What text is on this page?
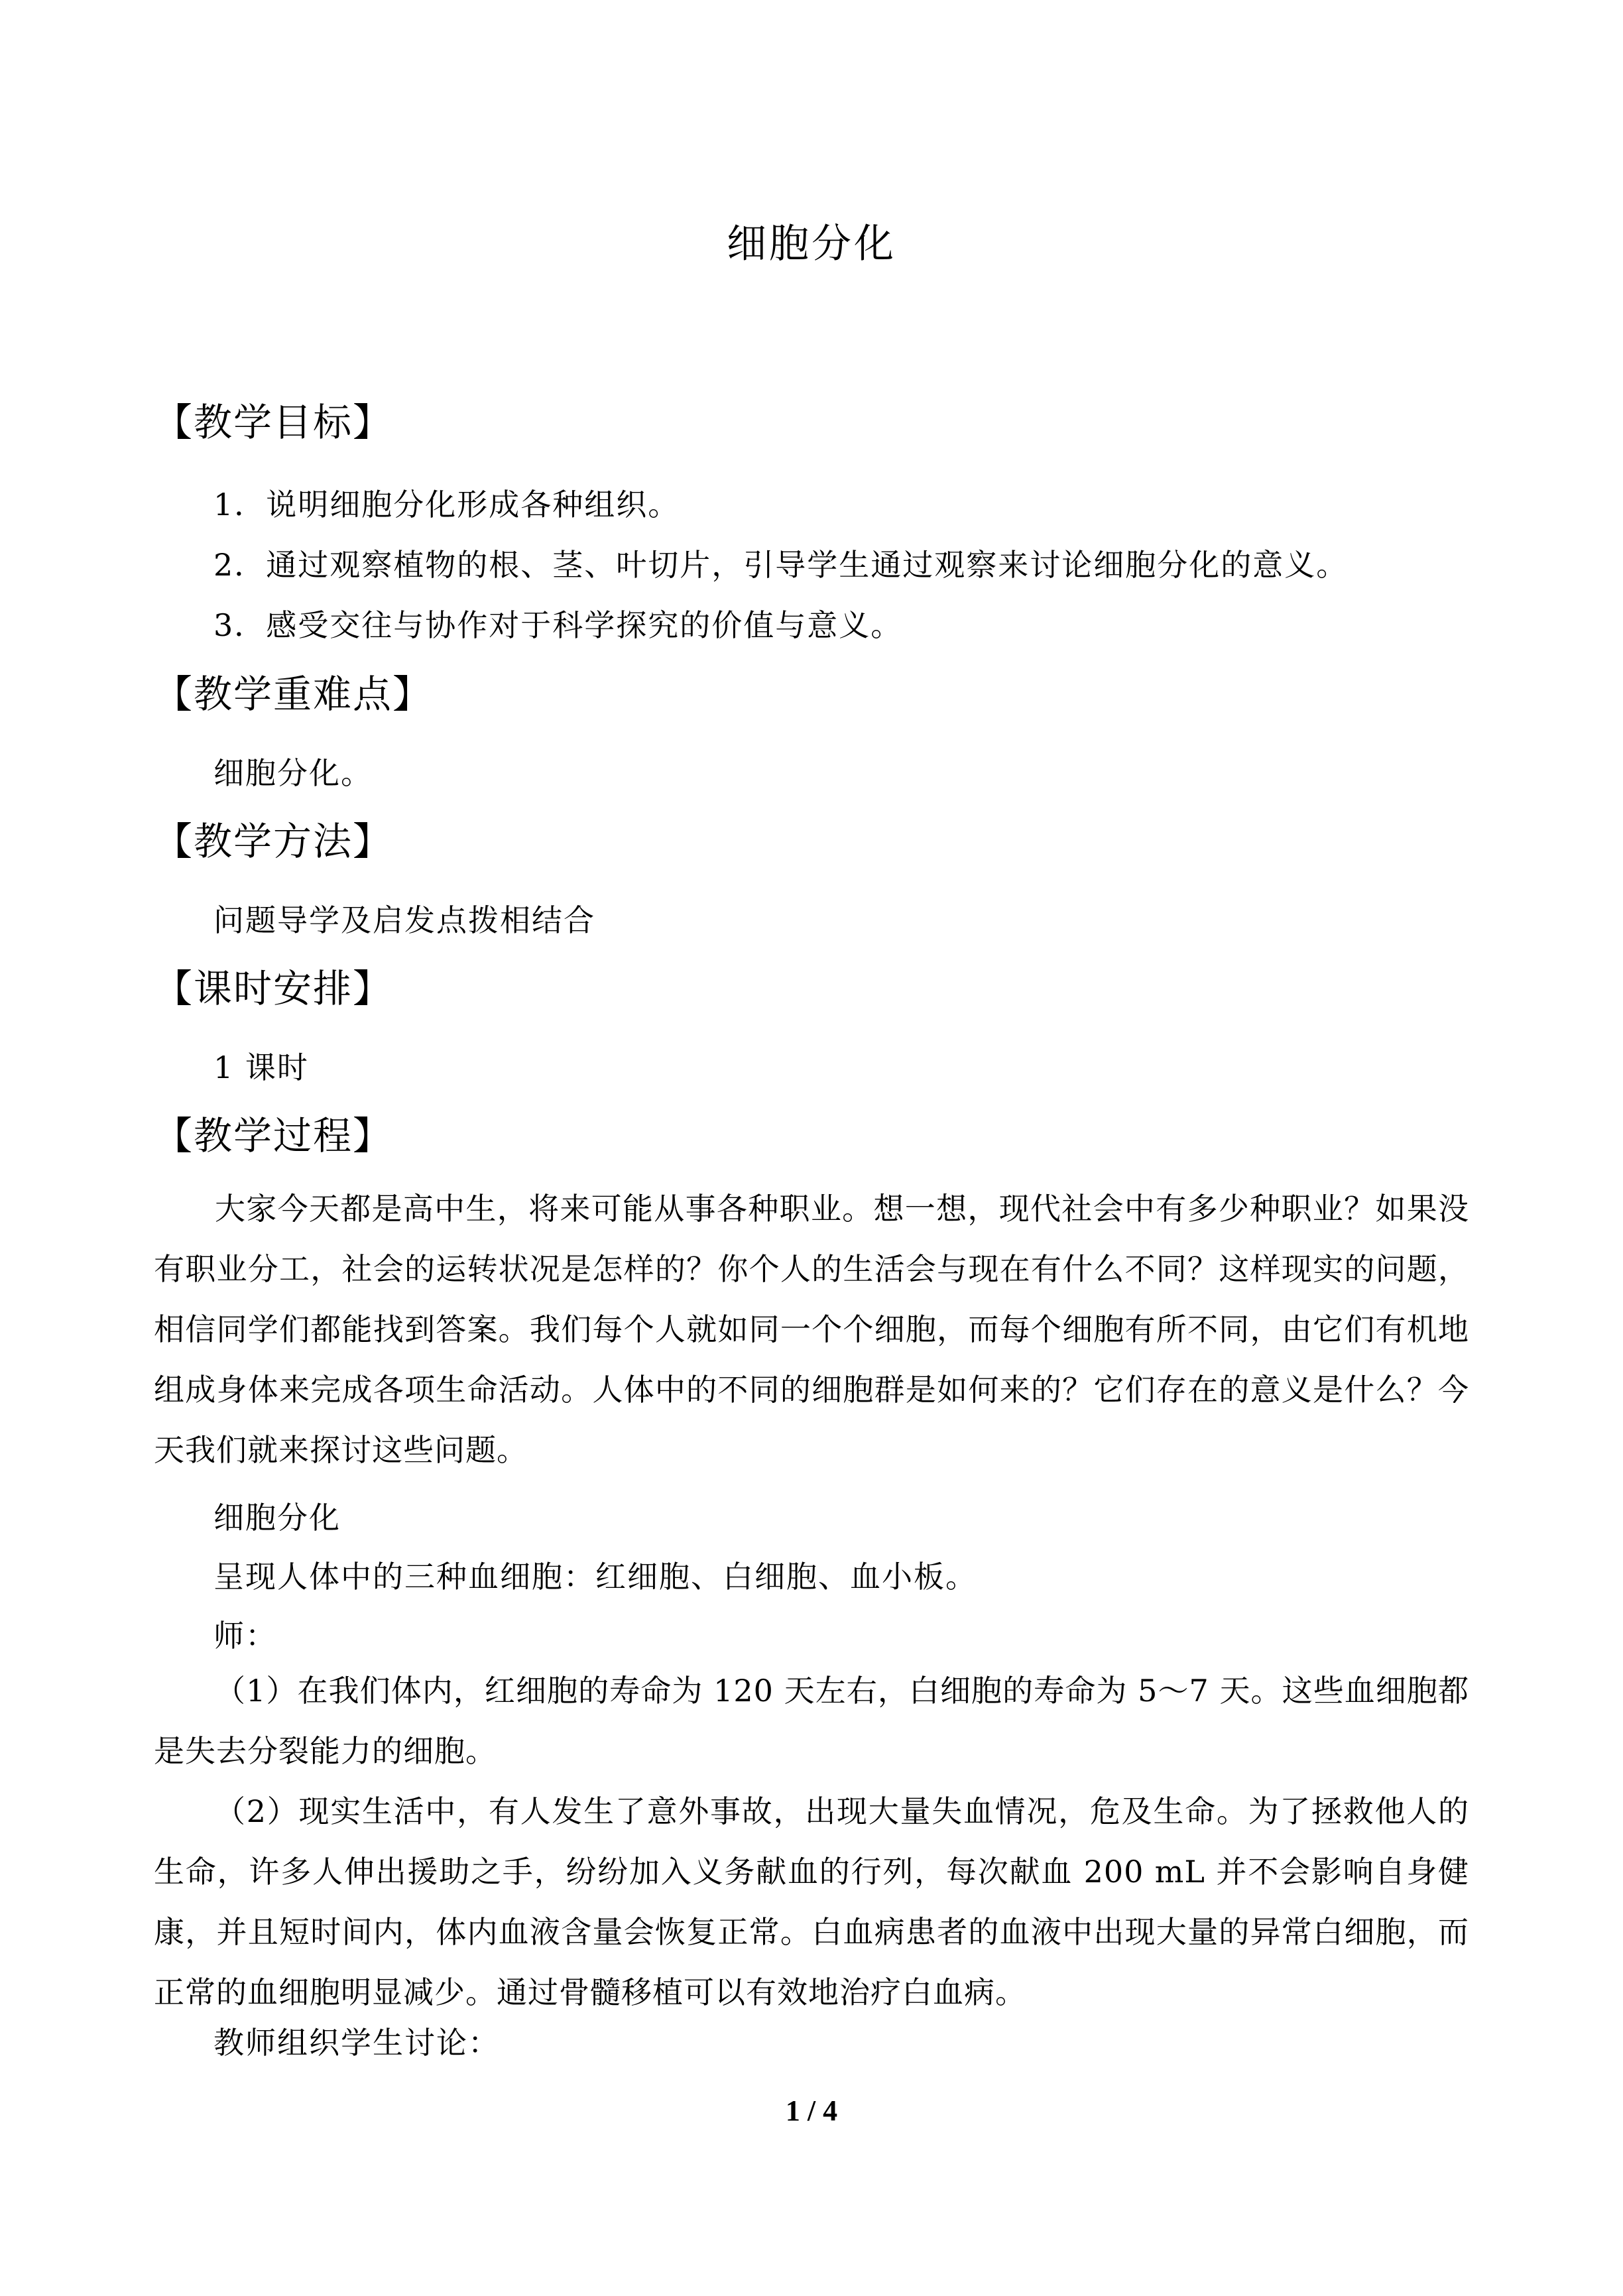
细胞分化
【教学目标】
1．说明细胞分化形成各种组织。
2．通过观察植物的根、茎、叶切片，引导学生通过观察来讨论细胞分化的意义。
3．感受交往与协作对于科学探究的价值与意义。
【教学重难点】
细胞分化。
【教学方法】
问题导学及启发点拨相结合
【课时安排】
1 课时
【教学过程】
大家今天都是高中生，将来可能从事各种职业。想一想，现代社会中有多少种职业？如果没有职业分工，社会的运转状况是怎样的？你个人的生活会与现在有什么不同？这样现实的问题，相信同学们都能找到答案。我们每个人就如同一个个细胞，而每个细胞有所不同，由它们有机地组成身体来完成各项生命活动。人体中的不同的细胞群是如何来的？它们存在的意义是什么？今天我们就来探讨这些问题。
细胞分化
呈现人体中的三种血细胞：红细胞、白细胞、血小板。
师：
（1）在我们体内，红细胞的寿命为 120 天左右，白细胞的寿命为 5～7 天。这些血细胞都是失去分裂能力的细胞。
（2）现实生活中，有人发生了意外事故，出现大量失血情况，危及生命。为了拯救他人的生命，许多人伸出援助之手，纷纷加入义务献血的行列，每次献血 200 mL 并不会影响自身健康，并且短时间内，体内血液含量会恢复正常。白血病患者的血液中出现大量的异常白细胞，而正常的血细胞明显减少。通过骨髓移植可以有效地治疗白血病。
教师组织学生讨论：
1 / 4
